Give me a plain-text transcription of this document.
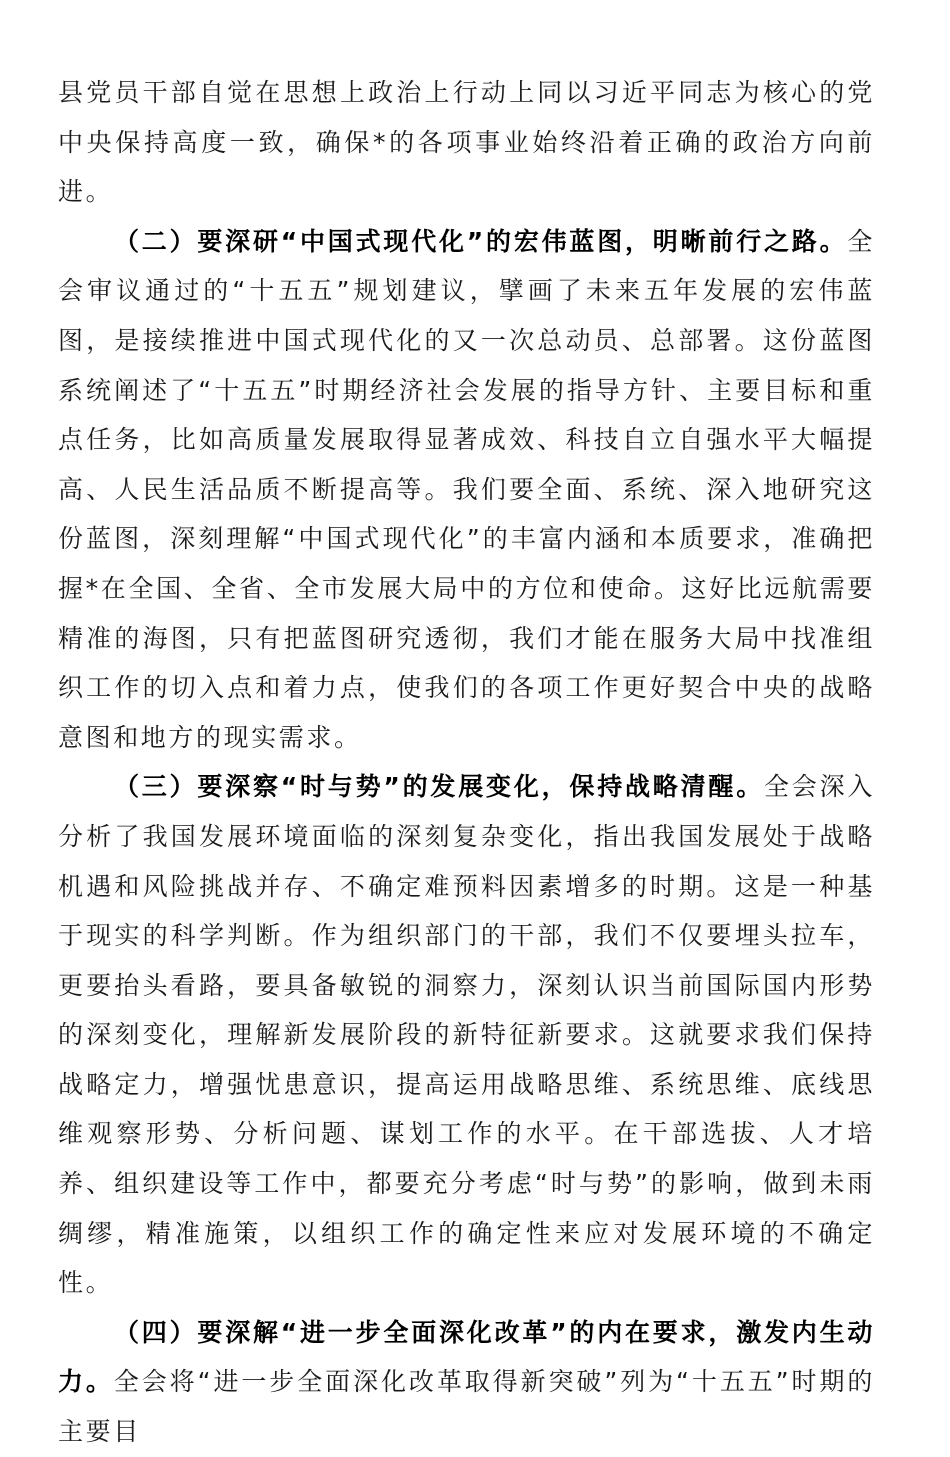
县党员干部自觉在思想上政治上行动上同以习近平同志为核心的党中央保持高度一致，确保*的各项事业始终沿着正确的政治方向前进。

（二）要深研“中国式现代化”的宏伟蓝图，明晰前行之路。全会审议通过的“十五五”规划建议，擘画了未来五年发展的宏伟蓝图，是接续推进中国式现代化的又一次总动员、总部署。这份蓝图系统阐述了“十五五”时期经济社会发展的指导方针、主要目标和重点任务，比如高质量发展取得显著成效、科技自立自强水平大幅提高、人民生活品质不断提高等。我们要全面、系统、深入地研究这份蓝图，深刻理解“中国式现代化”的丰富内涵和本质要求，准确把握*在全国、全省、全市发展大局中的方位和使命。这好比远航需要精准的海图，只有把蓝图研究透彻，我们才能在服务大局中找准组织工作的切入点和着力点，使我们的各项工作更好契合中央的战略意图和地方的现实需求。

（三）要深察“时与势”的发展变化，保持战略清醒。全会深入分析了我国发展环境面临的深刻复杂变化，指出我国发展处于战略机遇和风险挑战并存、不确定难预料因素增多的时期。这是一种基于现实的科学判断。作为组织部门的干部，我们不仅要埋头拉车，更要抬头看路，要具备敏锐的洞察力，深刻认识当前国际国内形势的深刻变化，理解新发展阶段的新特征新要求。这就要求我们保持战略定力，增强忧患意识，提高运用战略思维、系统思维、底线思维观察形势、分析问题、谋划工作的水平。在干部选拔、人才培养、组织建设等工作中，都要充分考虑“时与势”的影响，做到未雨绸缪，精准施策，以组织工作的确定性来应对发展环境的不确定性。

（四）要深解“进一步全面深化改革”的内在要求，激发内生动力。全会将“进一步全面深化改革取得新突破”列为“十五五”时期的主要目
